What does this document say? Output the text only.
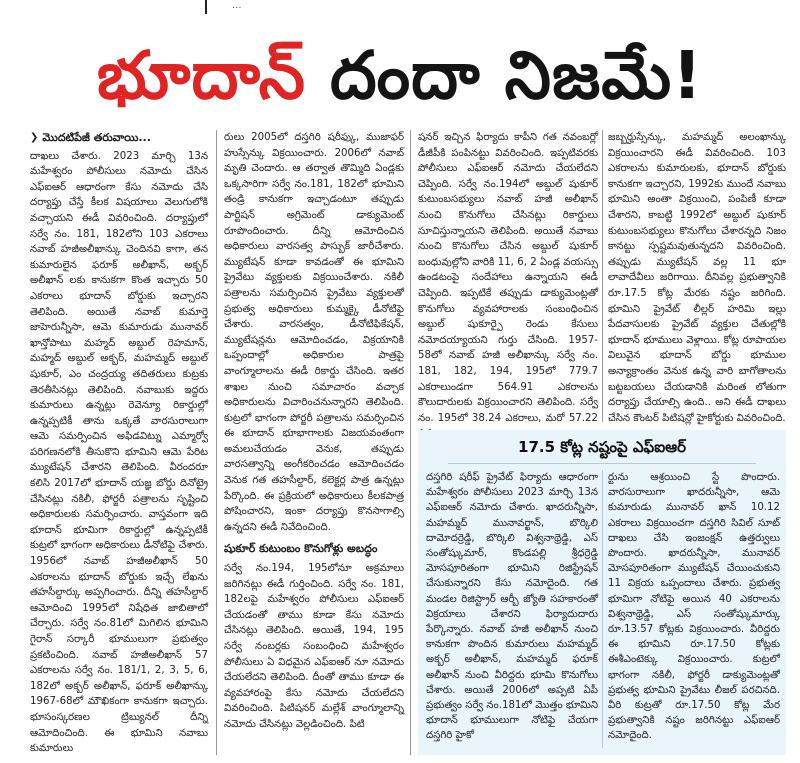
...
భూదాన్ దందా నిజమే!
❯ మొదటిపేజీ తరువాయి...
దాఖలు చేశారు. 2023 మార్చి 13న మహేశ్వరం పోలీసులు నమోదు చేసిన ఎఫ్ఐఆర్ ఆధారంగా కేసు నమోదు చేసి దర్యాప్తు చేస్తే కీలక విషయాలు వెలుగులోకి వచ్చాయని ఈడీ వివరించింది. దర్యాప్తులో సర్వే నం. 181, 182లోని 103 ఎకరాలు నవాబ్ హజీఅలీఖాన్కు చెందినవి కాగా, తన కుమారులైన ఫరూక్ అలీఖాన్, అక్బర్ అలీఖాన్ లకు కానుకగా కొంత ఇచ్చారు 50 ఎకరాలు భూదాన్ బోర్డుకు ఇచ్చారని తెలిపింది. అయితే నవాబ్ కుమార్తె జాహెరున్నీసా, ఆమె కుమారుడు మునావర్ ఖాన్తోపాటు మహ్మద్ అబ్దుల్ రెహమాన్, మహ్మద్ అబ్దుల్ అక్బర్, మహమ్మద్ అబ్దుల్ షుకూర్, ఎం చంద్రయ్య తదితరులు కుట్రకు తెరతీసినట్లు తెలిపింది. నవాబుకు ఇద్దరు కుమారులు ఉన్నట్లు రెవెన్యూ రికార్డుల్లో ఉన్నప్పటికీ తాను ఒక్కతే వారసురాలుగా ఆమె సమర్పించిన అఫిడవిట్ను ఎమ్మార్వో పరిగణనలోకి తీసుకొని భూమిని ఆమె పేరిట మ్యుటేషన్ చేశారని తెలిపింది. వీరందరూ కలిసి 2017లో భూదాన్ యజ్ఞ బోర్డు దినోట్రై చేసినట్లు నకిలీ, ఫోర్జరీ పత్రాలను సృష్టించి అధికారులకు సమర్పించారు. వాస్తవంగా ఇది భూదాన్ భూమిగా రికార్డుల్లో ఉన్నప్పటికీ కుట్రలో భాగంగా అధికారులు డీనోటిఫై చేశారు. 1956లో నవాబ్ హజీఅలీఖాన్ 50 ఎకరాలను భూదాన్ బోర్డుకు ఇచ్చే లేఖను తహసీల్దార్కు అప్పగించారు. దీన్ని తహసీల్దార్ ఆమోదించి 1995లో నిషేధిత జాబితాలో చేర్చారు. సర్వే నం.81లో మిగిలిన భూమిని గైరాన్ సర్కారీ భూములుగా ప్రభుత్వం ప్రకటించింది. నవాబ్ హజీఅలీఖాన్ 57 ఎకరాలను సర్వే నం. 181/1, 2, 3, 5, 6, 182లో అక్బర్ అలీఖాన్, ఫరూక్ అలీఖాన్కు 1967-68లో మౌఖికంగా కానుకగా ఇచ్చారు. భూసంస్కరణల ట్రిబ్యునల్ దీన్ని ఆమోదించింది. ఈ భూమిని నవాబు కుమారులు
రులు 2005లో దస్తగిరి షరీఫ్కు, ముజాఫర్ హుస్సేన్కు విక్రయించారు. 2006లో నవాబ్ మృతి చెందారు. ఆ తర్వాత తొమ్మిది ఏండ్లకు ఒక్కసారిగా సర్వే నం.181, 182లో భూమిని తండ్రి కానుకగా ఇచ్చాడంటూ తప్పుడు పార్టిషన్ అగ్రిమెంట్ డాక్యుమెంట్ రూపొందించారు. దీన్ని ఆమోదించిన అధికారులు వారసత్వ పాస్బుక్ జారీచేశారు. మ్యుటేషన్ కూడా కావడంతో ఈ భూమిని ప్రైవేటు వ్యక్తులకు విక్రయించేశారు. నకిలీ పత్రాలను సమర్పించిన ప్రైవేటు వ్యక్తులతో ప్రభుత్వ అధికారులు కుమ్మక్కై డీనోటిఫై చేశారు. వారసత్వం, డీనోటిఫికేషన్, మ్యుటేషన్లను ఆమోదించడం, విక్రయానికి ఒప్పందాల్లో అధికారుల పాత్రపై వాంగ్మూలాలను ఈడీ రికార్డు చేసింది. ఇతర శాఖల నుంచి సమాచారం వచ్చాక అధికారులను విచారించనున్నారని తెలిపింది. కుట్రలో భాగంగా పోర్జరీ పత్రాలను సమర్పించిన ఈ భూదాన్ భూభాగాలకు విజయవంతంగా అమలుచేయడం వెనుక, తప్పుడు వారసత్వాన్ని అంగీకరించడం ఆమోదించడం వెనుక గత తహసీల్దార్, కలెక్టర్ల పాత్ర ఉన్నట్లు పేర్కొంది. ఈ ప్రక్రియలో అధికారులు కీలకపాత్ర పోషించారని, ఇంకా దర్యాప్తు కొనసాగాల్సి ఉన్నదని ఈడీ నివేదించింది.
షుకూర్ కుటుంబం కొనుగోళ్లు అబద్ధం
సర్వే నం.194, 195లోనూ అక్రమాలు జరిగినట్లు ఈడీ గుర్తించింది. సర్వే నం. 181, 182లపై మహేశ్వరం పోలీసులు ఎఫ్ఐఆర్ చేయడంతో తాము కూడా కేసు నమోదు చేసినట్లు తెలిపింది. అయితే, 194, 195 సర్వే నంబర్లకు సంబంధించి మహేశ్వరం పోలీసులు ఏ విధమైన ఎఫ్ఐఆర్ నూ నమోదు చేయలేదని తెలిపింది. దీంతో తాము కూడా ఈ వ్యవహారంపై కేసు నమోదు చేయలేదని వివరించింది. పిటిషనర్ మల్లేశ్ వాంగ్మూలాన్ని నమోదు చేసినట్లు వెల్లడించింది. పిటి
షనర్ ఇచ్చిన ఫిర్యాదు కాపీని గత నవంబర్లో డీజీపీకి పంపినట్టు వివరించింది. ఇప్పటివరకు పోలీసులు ఎఫ్ఐఆర్ నమోదు చేయలేదని చెప్పింది. సర్వే నం.194లో అబ్దుల్ షుకూర్ కుటుంబసభ్యులు నవాబ్ హజీ అలీఖాన్ నుంచి కొనుగోలు చేసినట్లు రికార్డులు సూచిస్తున్నాయని తెలిపింది. అయితే నవాబు నుంచి కొనుగోలు చేసిన అబ్దుల్ షుకూర్ బంధువుల్లోని వారికి 11, 6, 2 ఏండ్ల వయస్సు ఉండటంపై సందేహాలు ఉన్నాయని ఈడీ చెప్పింది. ఇప్పటికే తప్పుడు డాక్యుమెంట్లతో కొనుగోలు వ్యవహారాలకు సంబంధించిన అబ్దుల్ షుకూర్పై రెండు కేసులు నమోదయ్యాయని గుర్తు చేసింది. 1957-58లో నవాబ్ హజీ అలీఖాన్కు సర్వే నం. 181, 182, 194, 195లో 779.7 ఎకరాలుండగా 564.91 ఎకరాలను కౌలుదారులకు విక్రయించారని తెలిపింది. సర్వే నం. 195లో 38.24 ఎకరాలు, మరో 57.22
జబ్బర్హుస్సేన్కు, మహమ్మద్ అలంఖాన్కు విక్రయించారని ఈడీ వివరించింది. 103 ఎకరాలను కుమారులకు, భూదాన్ బోర్డుకు కానుకగా ఇచ్చారని, 1992కు ముందే నవాబు భూమిని అంతా విక్రయించి, పంపిణీ కూడా చేశారని, కాబట్టి 1992లో అబ్దుల్ షుకూర్ కుటుంబసభ్యులు కొనుగోలు చేశారన్నది నిజం కానట్టు స్పష్టమవుతున్నదని వివరించింది. తప్పుడు మ్యుటేషన్ వల్ల 11 భూ లావాదేవీలు జరిగాయి. దీనివల్ల ప్రభుత్వానికి రూ.17.5 కోట్ల మేరకు నష్టం జరిగింది. భూమిని ప్రైవేట్ లీల్లర్ హరిమి ఇల్లు పేదవాసులకు ప్రైవేట్ వ్యక్తుల చేతుల్లోకి భూదాన్ భూములు వెళ్లాయి. కోట్ల రూపాయల విలువైన భూదాన్ బోర్డు భూముల అన్యాక్రాంతం వెనుక ఉన్న వారి బాగోతాలను బట్టబయలు చేయడానికి మరింత లోతుగా దర్యాప్తు చేయాల్సి ఉంది.. అని ఈడీ దాఖలు చేసిన కౌంటర్ పిటిషన్లో హైకోర్టుకు వివరించింది.
17.5 కోట్ల నష్టంపై ఎఫ్ఐఆర్
దస్తగిరి షరీఫ్ ప్రైవేట్ ఫిర్యాదు ఆధారంగా మహేశ్వరం పోలీసులు 2023 మార్చి 13న ఎఫ్ఐఆర్ నమోదు చేశారు. ఖాదరున్నీసా, మహమ్మద్ మునావర్ఖాన్, బొర్కిలి దామోదర్రెడ్డి, బొర్కిలి విశ్వనాథ్రెడ్డి, ఎస్ సంతోష్కుమార్, కొండపల్లి శ్రీధర్రెడ్డి మోసపూరితంగా భూమిని రిజిస్ట్రేషన్ చేసుకున్నారని కేసు నమోదైంది. గత మండల రిజిస్ట్రార్ ఆర్బీ జ్యోతి సహకారంతో విక్రయాలు చేశారని ఫిర్యాదుదారు పేర్కొన్నారు. నవాబ్ హజీ అలీఖాన్ నుంచి కానుకగా పొందిన కుమారులు మహమ్మద్ అక్బర్ అలీఖాన్, మహమ్మద్ ఫరూక్ అలీఖాన్ నుంచి వీరిద్దరు భూమి కొనుగోలు చేశారు. అయితే 2006లో అప్పటి ఏపీ ప్రభుత్వం సర్వే నం.181లో మొత్తం భూమిని భూదాన్ భూములుగా నోటిఫై చేయగా దస్తగిరి హైకో
ర్టును ఆశ్రయించి స్టే పొందారు. వారసురాలుగా ఖాదరున్నీసా, ఆమె కుమారుడు మునావర్ ఖాన్ 10.12 ఎకరాలు విక్రయించగా దస్తగిరి సివిల్ సూట్ దాఖలు చేసి ఇంజంక్షన్ ఉత్తర్వులు పొందారు. ఖాదరున్నీసా, మునావర్ మోసపూరితంగా మ్యుటేషన్ చేయించుకుని 11 విక్రయ ఒప్పందాలు చేశారు. ప్రభుత్వ భూమిగా నోటిఫై అయిన 40 ఎకరాలను విశ్వనాథ్రెడ్డి, ఎస్ సంతోష్కుమార్కు రూ.13.57 కోట్లకు విక్రయించారు. వీరిద్దరు ఈ భూమిని రూ.17.50 కోట్లకు ఈశీఎంటెక్కు విక్రయించారు. కుట్రలో భాగంగా నకిలీ, ఫోర్జరీ డాక్యుమెంట్లతో ప్రభుత్వ భూమిని ప్రైవేటు లీజల్ పరచినది. వీరి కుట్రతో రూ.17.50 కోట్ల మేర ప్రభుత్వానికి నష్టం జరిగినట్టు ఎఫ్ఐఆర్ నమోదైంది.
